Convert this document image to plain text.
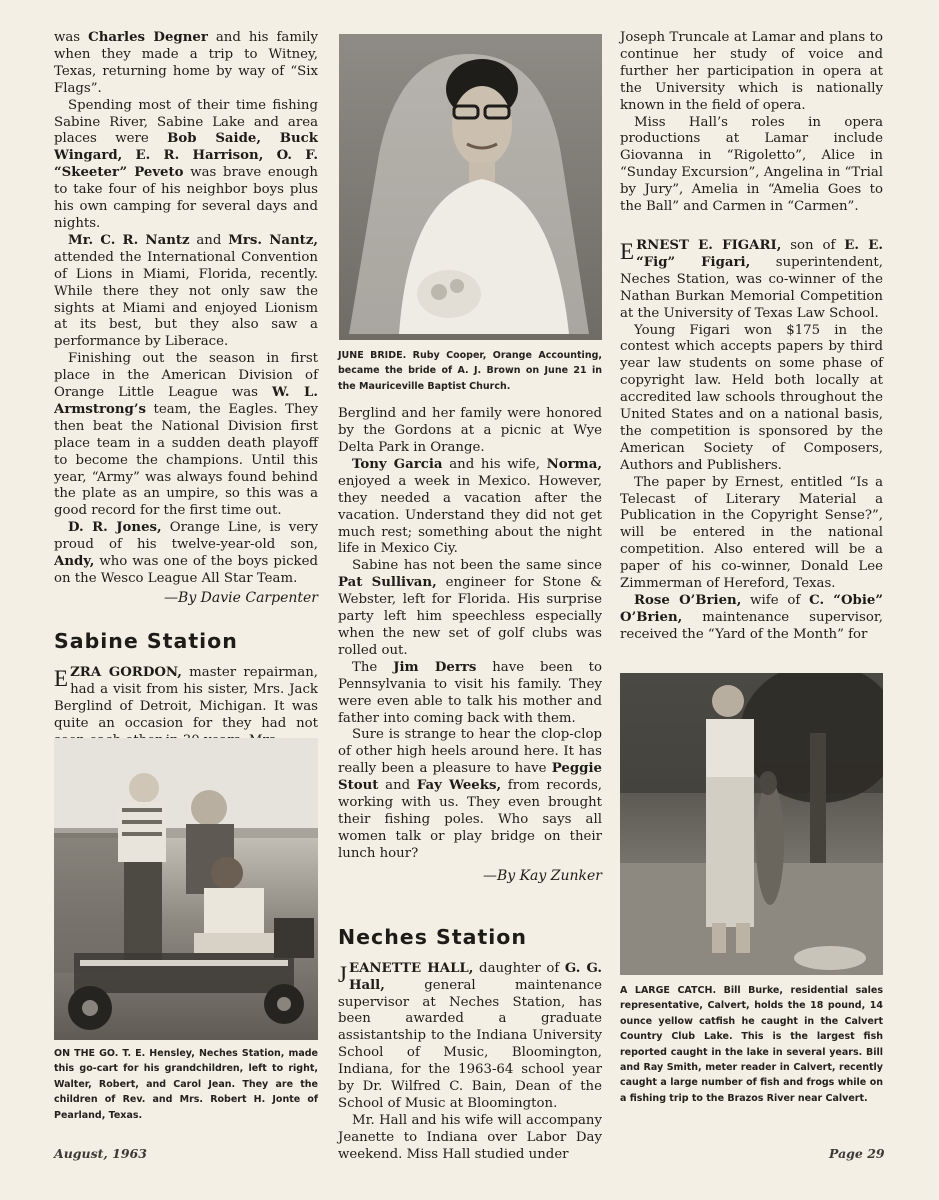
was Charles Degner and his family when they made a trip to Witney, Texas, returning home by way of “Six Flags”.

Spending most of their time fishing Sabine River, Sabine Lake and area places were Bob Saide, Buck Wingard, E. R. Harrison, O. F. “Skeeter” Peveto was brave enough to take four of his neighbor boys plus his own camping for several days and nights.

Mr. C. R. Nantz and Mrs. Nantz, attended the International Convention of Lions in Miami, Florida, recently. While there they not only saw the sights at Miami and enjoyed Lionism at its best, but they also saw a performance by Liberace.

Finishing out the season in first place in the American Division of Orange Little League was W. L. Armstrong’s team, the Eagles. They then beat the National Division first place team in a sudden death playoff to become the champions. Until this year, “Army” was always found behind the plate as an umpire, so this was a good record for the first time out.

D. R. Jones, Orange Line, is very proud of his twelve-year-old son, Andy, who was one of the boys picked on the Wesco League All Star Team.

—By Davie Carpenter
Sabine Station

EZRA GORDON, master repairman, had a visit from his sister, Mrs. Jack Berglind of Detroit, Michigan. It was quite an occasion for they had not

ON THE GO. T. E. Hensley, Neches Station, made this go-cart for his grandchildren, left to right, Walter, Robert, and Carol Jean. They are the children of Rev. and Mrs. Robert H. Jonte of Pearland, Texas.
JUNE BRIDE. Ruby Cooper, Orange Accounting, became the bride of A. J. Brown on June 21 in the Mauriceville Baptist Church.

Berglind and her family were honored by the Gordons at a picnic at Wye Delta Park in Orange.

Tony Garcia and his wife, Norma, enjoyed a week in Mexico. However, they needed a vacation after the vacation. Understand they did not get much rest; something about the night life in Mexico Ciy.

Sabine has not been the same since Pat Sullivan, engineer for Stone & Webster, left for Florida. His surprise party left him speechless especially when the new set of golf clubs was rolled out.

The Jim Derrs have been to Pennsylvania to visit his family. They were even able to talk his mother and father into coming back with them.

Sure is strange to hear the clop-clop of other high heels around here. It has really been a pleasure to have Peggie Stout and Fay Weeks, from records, working with us. They even brought their fishing poles. Who says all women talk or play bridge on their lunch hour?

—By Kay Zunker
Neches Station

JEANETTE HALL, daughter of G. G. Hall, general maintenance supervisor at Neches Station, has been awarded a graduate assistantship to the Indiana University School of Music, Bloomington, Indiana, for the 1963-64 school year by Dr. Wilfred C. Bain, Dean of the School of Music at Bloomington.

Mr. Hall and his wife will accompany Jeanette to Indiana over Labor Day weekend. Miss Hall studied under

Joseph Truncale at Lamar and plans to continue her study of voice and further her participation in opera at the University which is nationally known in the field of opera.

Miss Hall’s roles in opera productions at Lamar include Giovanna in “Rigoletto”, Alice in “Sunday Excursion”, Angelina in “Trial by Jury”, Amelia in “Amelia Goes to the Ball” and Carmen in “Carmen”.

ERNEST E. FIGARI, son of E. E. “Fig” Figari, superintendent, Neches Station, was co-winner of the Nathan Burkan Memorial Competition at the University of Texas Law School.

Young Figari won $175 in the contest which accepts papers by third year law students on some phase of copyright law. Held both locally at accredited law schools throughout the United States and on a national basis, the competition is sponsored by the American Society of Composers, Authors and Publishers.

The paper by Ernest, entitled “Is a Telecast of Literary Material a Publication in the Copyright Sense?”, will be entered in the national competition. Also entered will be a paper of his co-winner, Donald Lee Zimmerman of Hereford, Texas.

Rose O’Brien, wife of C. “Obie” O’Brien, maintenance supervisor, received the “Yard of the Month” for

A LARGE CATCH. Bill Burke, residential sales representative, Calvert, holds the 18 pound, 14 ounce yellow catfish he caught in the Calvert Country Club Lake. This is the largest fish reported caught in the lake in several years. Bill and Ray Smith, meter reader in Calvert, recently caught a large number of fish and frogs while on a fishing trip to the Brazos River near Calvert.
August, 1963	Page 29
